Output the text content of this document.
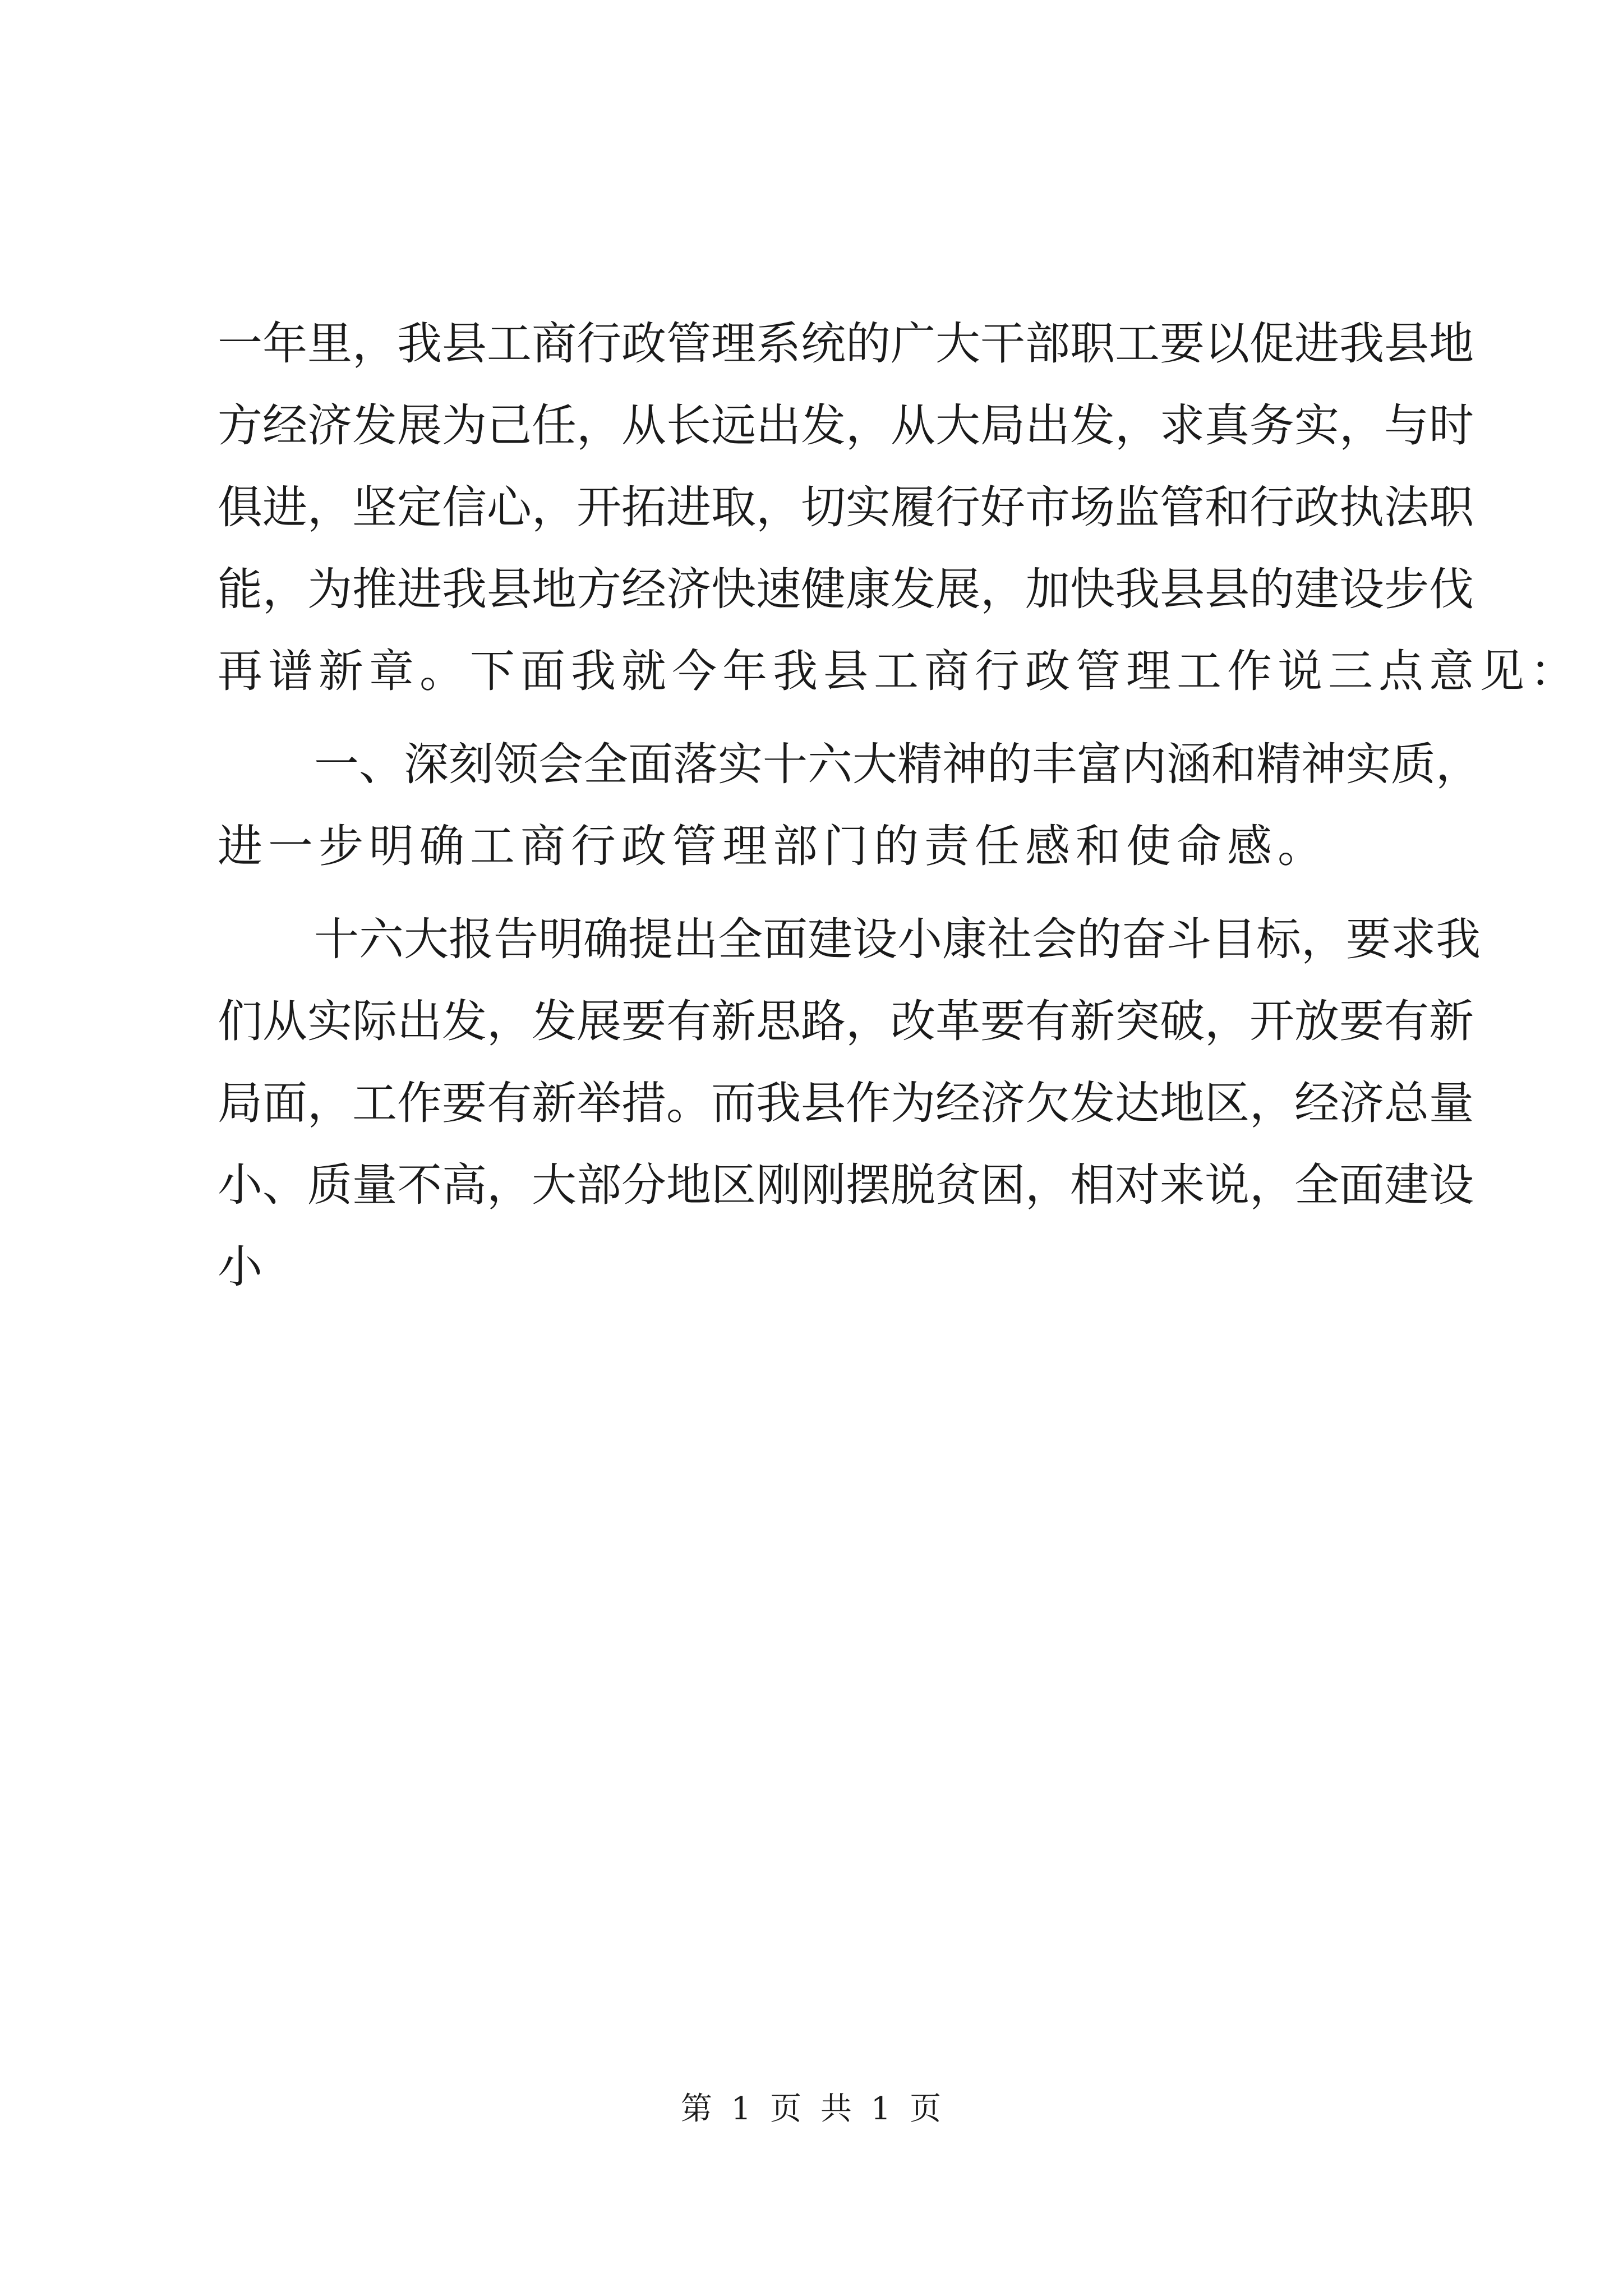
一年里，我县工商行政管理系统的广大干部职工要以促进我县地
方经济发展为己任，从长远出发，从大局出发，求真务实，与时
俱进，坚定信心，开拓进取，切实履行好市场监管和行政执法职
能，为推进我县地方经济快速健康发展，加快我县县的建设步伐
再谱新章。下面我就今年我县工商行政管理工作说三点意见：
一、深刻领会全面落实十六大精神的丰富内涵和精神实质，
进一步明确工商行政管理部门的责任感和使命感。
十六大报告明确提出全面建设小康社会的奋斗目标，要求我
们从实际出发，发展要有新思路，改革要有新突破，开放要有新
局面，工作要有新举措。而我县作为经济欠发达地区，经济总量
小、质量不高，大部分地区刚刚摆脱贫困，相对来说，全面建设
小
第 1 页 共 1 页
